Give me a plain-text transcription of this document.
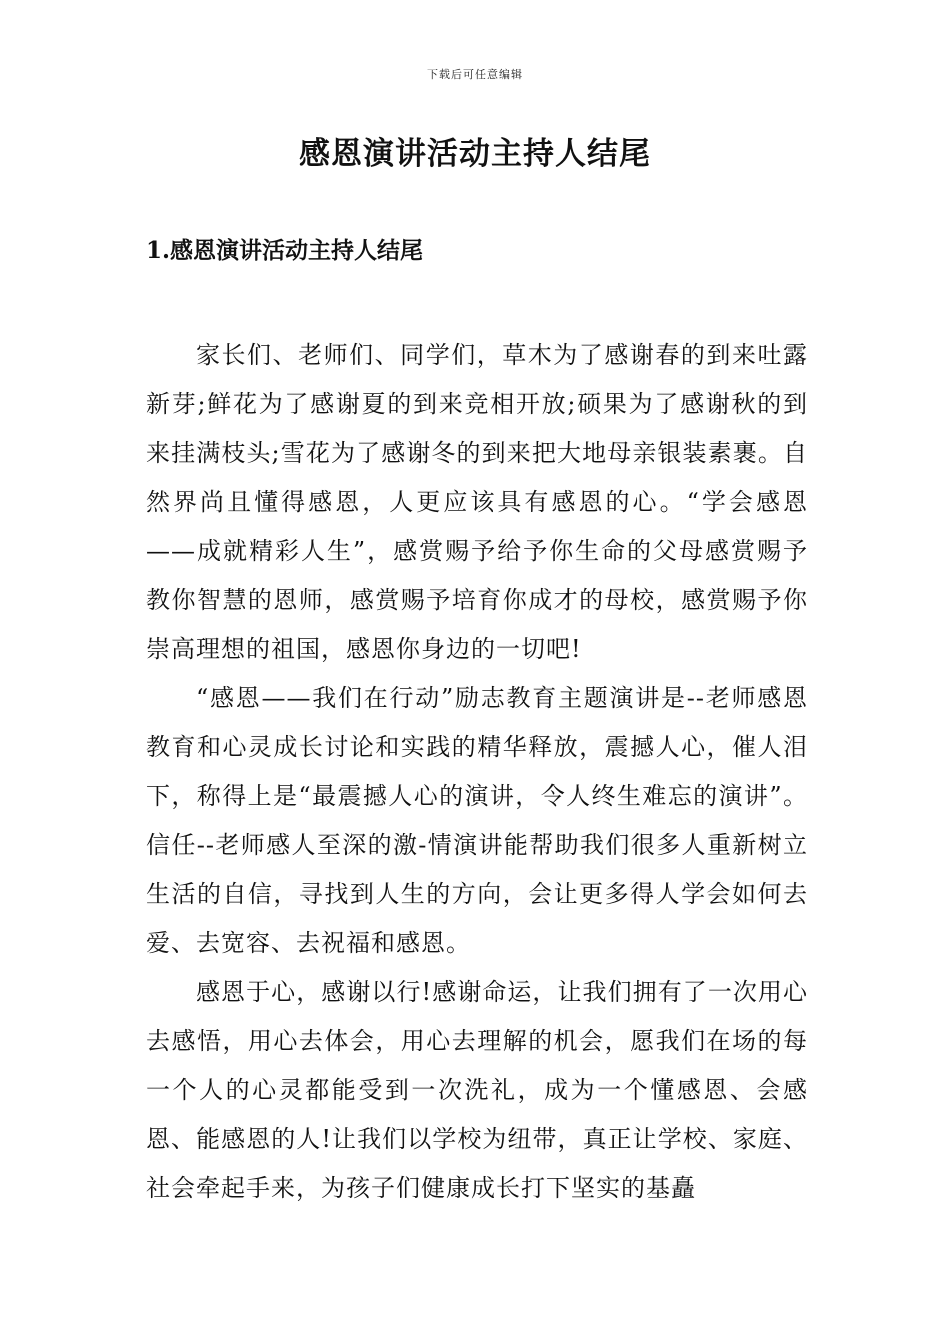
下载后可任意编辑
感恩演讲活动主持人结尾
1.感恩演讲活动主持人结尾

家长们、老师们、同学们，草木为了感谢春的到来吐露新芽;鲜花为了感谢夏的到来竞相开放;硕果为了感谢秋的到来挂满枝头;雪花为了感谢冬的到来把大地母亲银装素裹。自然界尚且懂得感恩，人更应该具有感恩的心。“学会感恩——成就精彩人生”，感赏赐予给予你生命的父母感赏赐予教你智慧的恩师，感赏赐予培育你成才的母校，感赏赐予你崇高理想的祖国，感恩你身边的一切吧!

“感恩——我们在行动”励志教育主题演讲是--老师感恩教育和心灵成长讨论和实践的精华释放，震撼人心，催人泪下，称得上是“最震撼人心的演讲，令人终生难忘的演讲”。信任--老师感人至深的激-情演讲能帮助我们很多人重新树立生活的自信，寻找到人生的方向，会让更多得人学会如何去爱、去宽容、去祝福和感恩。

感恩于心，感谢以行!感谢命运，让我们拥有了一次用心去感悟，用心去体会，用心去理解的机会，愿我们在场的每一个人的心灵都能受到一次洗礼，成为一个懂感恩、会感恩、能感恩的人!让我们以学校为纽带，真正让学校、家庭、社会牵起手来，为孩子们健康成长打下坚实的基矗
